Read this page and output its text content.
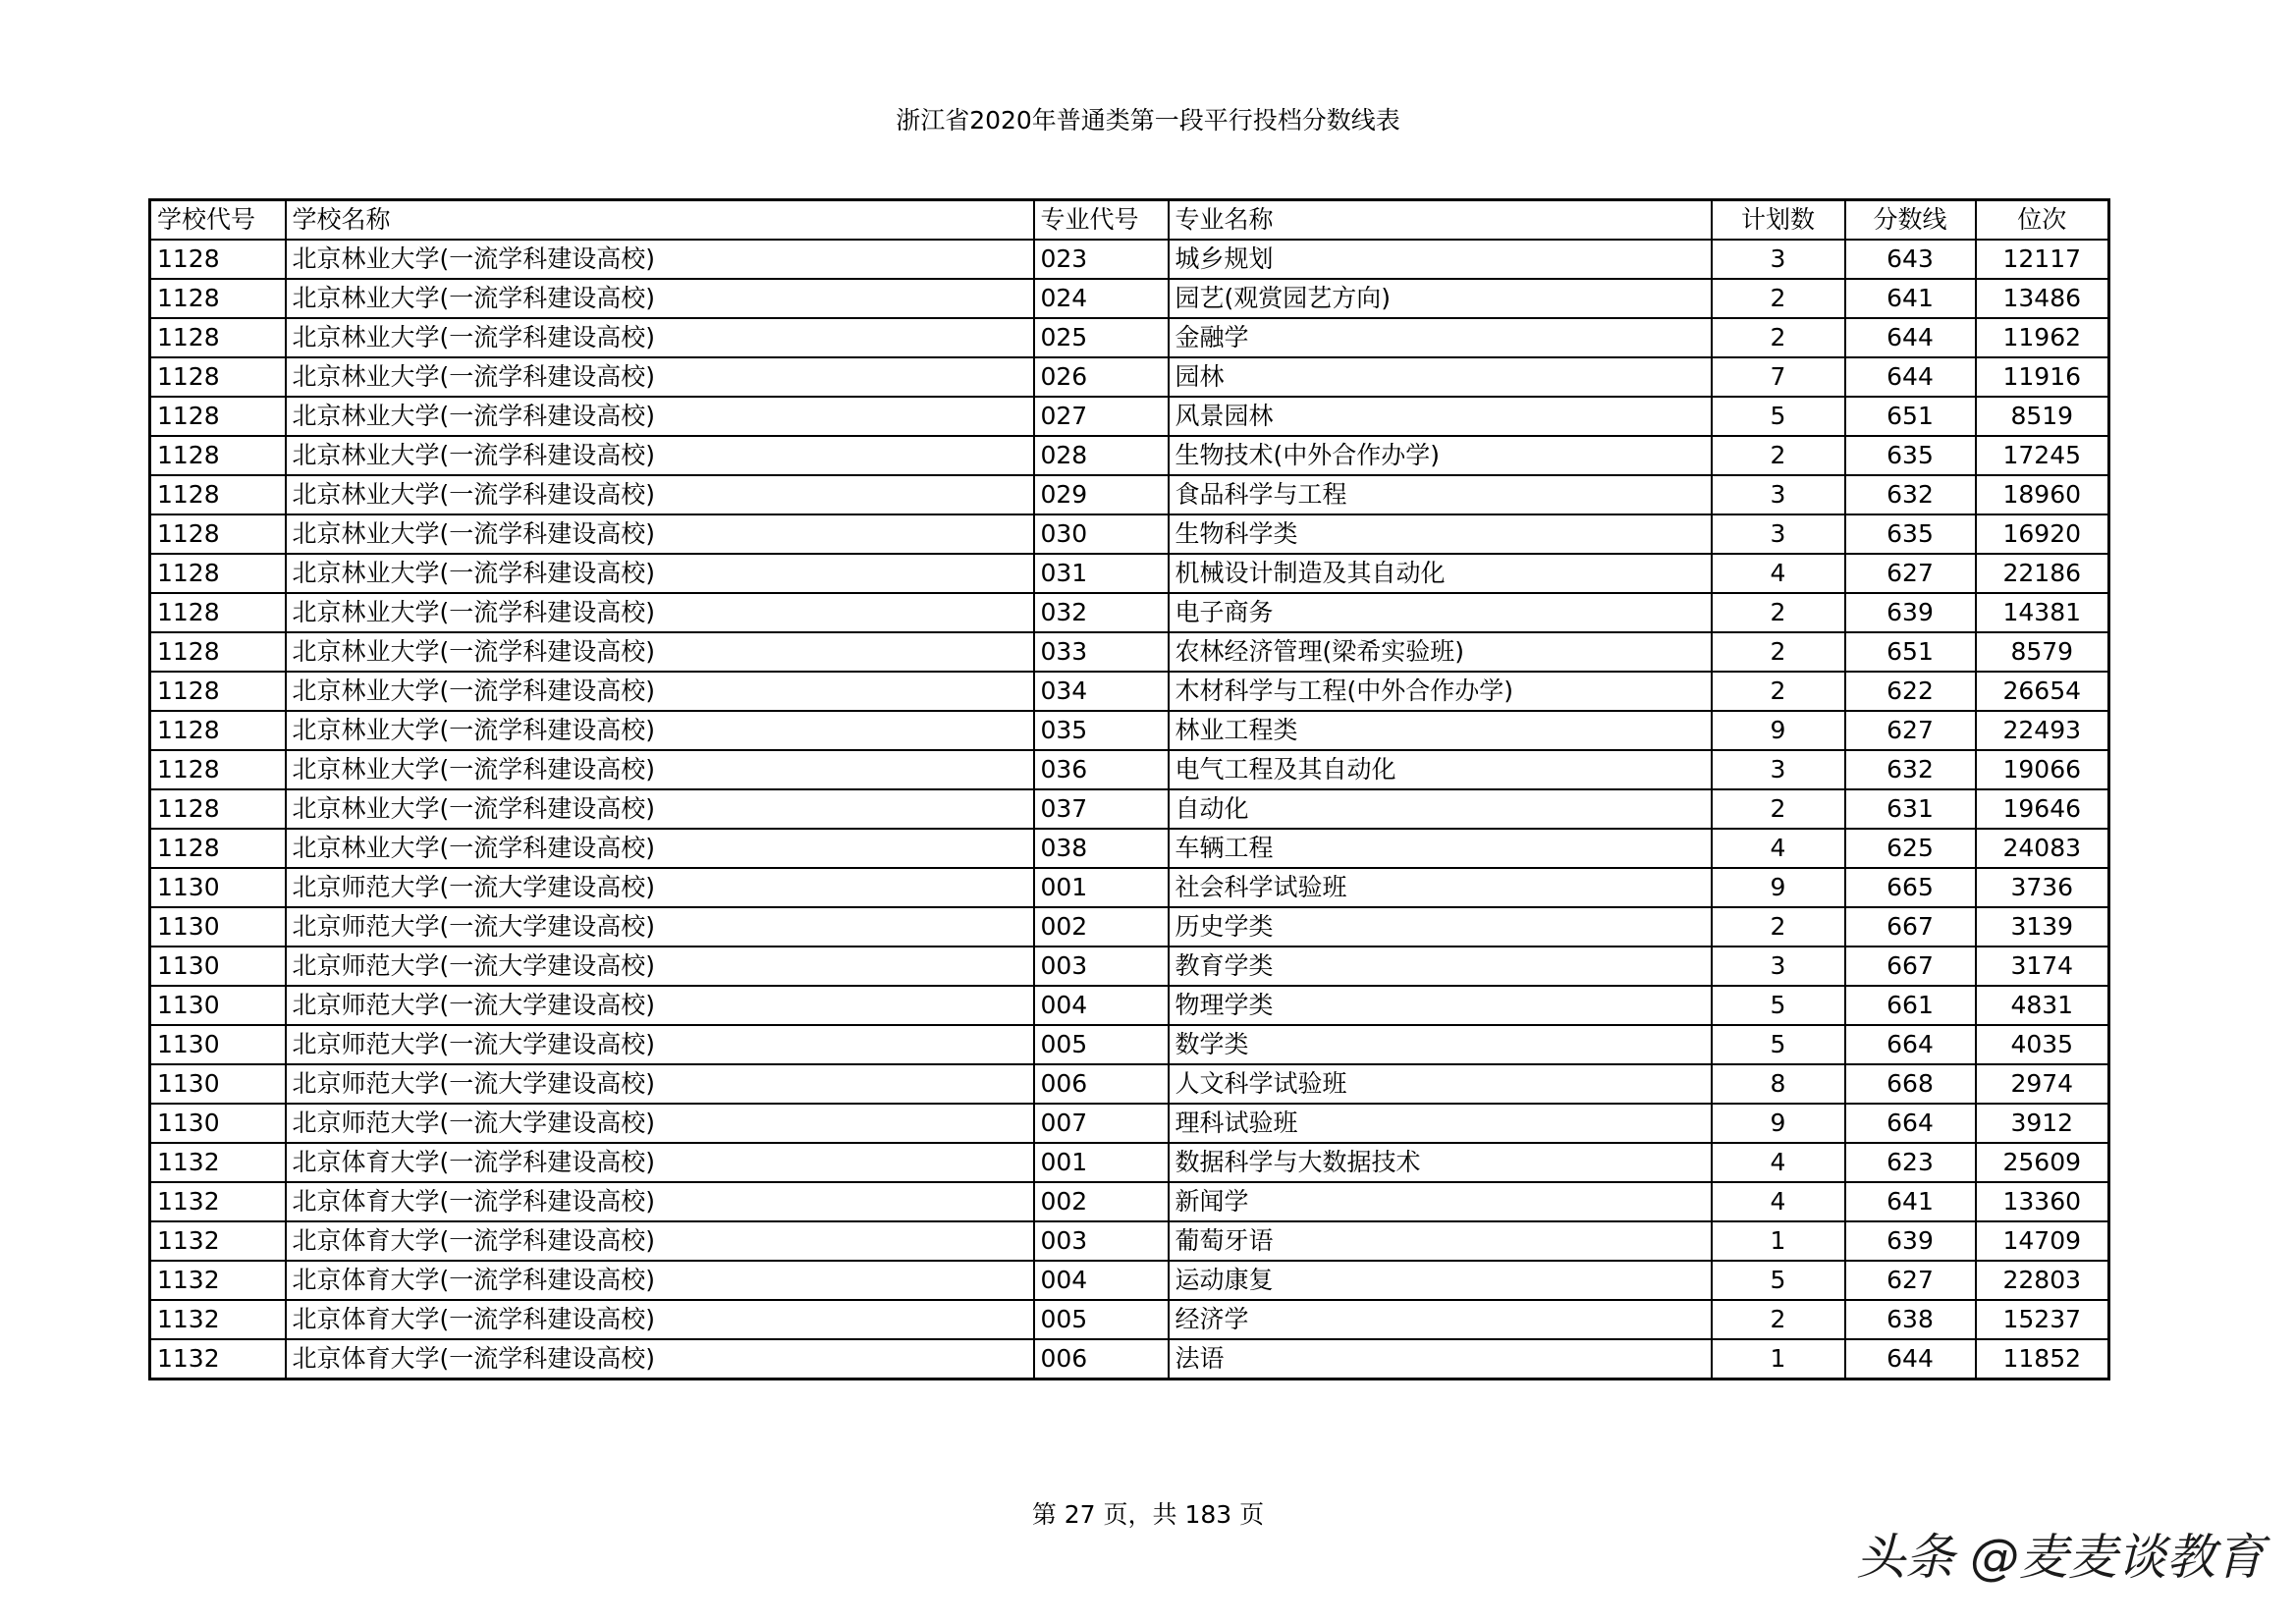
浙江省2020年普通类第一段平行投档分数线表
学校代号	学校名称	专业代号	专业名称	计划数	分数线	位次
1128	北京林业大学(一流学科建设高校)	023	城乡规划	3	643	12117
1128	北京林业大学(一流学科建设高校)	024	园艺(观赏园艺方向)	2	641	13486
1128	北京林业大学(一流学科建设高校)	025	金融学	2	644	11962
1128	北京林业大学(一流学科建设高校)	026	园林	7	644	11916
1128	北京林业大学(一流学科建设高校)	027	风景园林	5	651	8519
1128	北京林业大学(一流学科建设高校)	028	生物技术(中外合作办学)	2	635	17245
1128	北京林业大学(一流学科建设高校)	029	食品科学与工程	3	632	18960
1128	北京林业大学(一流学科建设高校)	030	生物科学类	3	635	16920
1128	北京林业大学(一流学科建设高校)	031	机械设计制造及其自动化	4	627	22186
1128	北京林业大学(一流学科建设高校)	032	电子商务	2	639	14381
1128	北京林业大学(一流学科建设高校)	033	农林经济管理(梁希实验班)	2	651	8579
1128	北京林业大学(一流学科建设高校)	034	木材科学与工程(中外合作办学)	2	622	26654
1128	北京林业大学(一流学科建设高校)	035	林业工程类	9	627	22493
1128	北京林业大学(一流学科建设高校)	036	电气工程及其自动化	3	632	19066
1128	北京林业大学(一流学科建设高校)	037	自动化	2	631	19646
1128	北京林业大学(一流学科建设高校)	038	车辆工程	4	625	24083
1130	北京师范大学(一流大学建设高校)	001	社会科学试验班	9	665	3736
1130	北京师范大学(一流大学建设高校)	002	历史学类	2	667	3139
1130	北京师范大学(一流大学建设高校)	003	教育学类	3	667	3174
1130	北京师范大学(一流大学建设高校)	004	物理学类	5	661	4831
1130	北京师范大学(一流大学建设高校)	005	数学类	5	664	4035
1130	北京师范大学(一流大学建设高校)	006	人文科学试验班	8	668	2974
1130	北京师范大学(一流大学建设高校)	007	理科试验班	9	664	3912
1132	北京体育大学(一流学科建设高校)	001	数据科学与大数据技术	4	623	25609
1132	北京体育大学(一流学科建设高校)	002	新闻学	4	641	13360
1132	北京体育大学(一流学科建设高校)	003	葡萄牙语	1	639	14709
1132	北京体育大学(一流学科建设高校)	004	运动康复	5	627	22803
1132	北京体育大学(一流学科建设高校)	005	经济学	2	638	15237
1132	北京体育大学(一流学科建设高校)	006	法语	1	644	11852
第 27 页，共 183 页
头条 @麦麦谈教育
